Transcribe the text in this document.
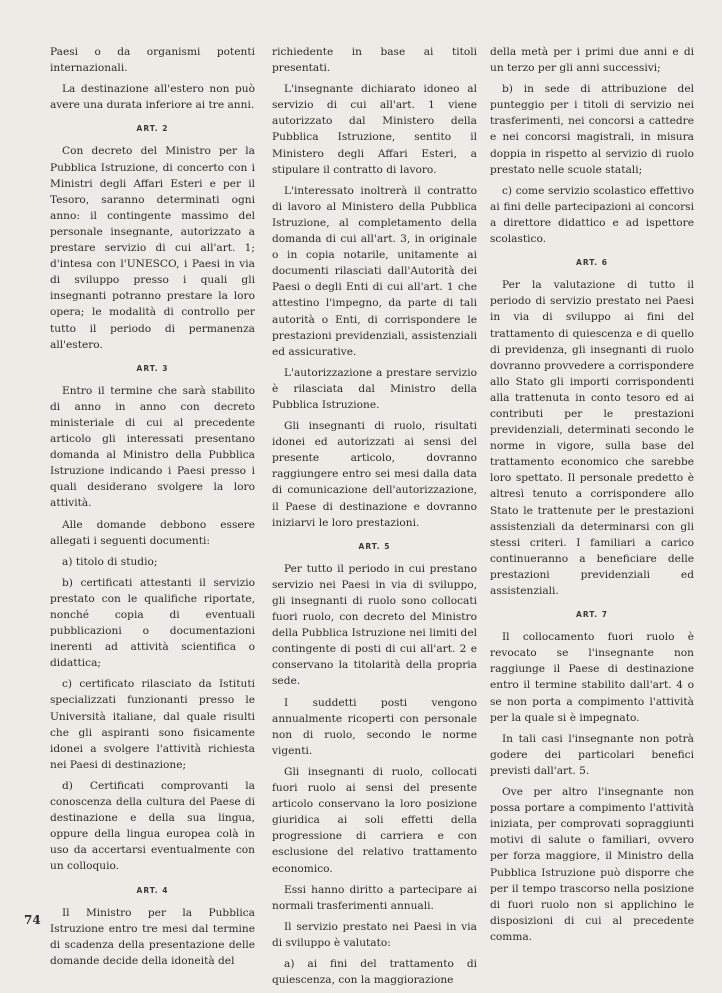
Paesi o da organismi potenti internazionali.

La destinazione all'estero non può avere una durata inferiore ai tre anni.

ART. 2

Con decreto del Ministro per la Pubblica Istruzione, di concerto con i Ministri degli Affari Esteri e per il Tesoro, saranno determinati ogni anno: il contingente massimo del personale insegnante, autorizzato a prestare servizio di cui all'art. 1; d'intesa con l'UNESCO, i Paesi in via di sviluppo presso i quali gli insegnanti potranno prestare la loro opera; le modalità di controllo per tutto il periodo di permanenza all'estero.

ART. 3

Entro il termine che sarà stabilito di anno in anno con decreto ministeriale di cui al precedente articolo gli interessati presentano domanda al Ministro della Pubblica Istruzione indicando i Paesi presso i quali desiderano svolgere la loro attività.

Alle domande debbono essere allegati i seguenti documenti:

a) titolo di studio;

b) certificati attestanti il servizio prestato con le qualifiche riportate, nonché copia di eventuali pubblicazioni o documentazioni inerenti ad attività scientifica o didattica;

c) certificato rilasciato da Istituti specializzati funzionanti presso le Università italiane, dal quale risulti che gli aspiranti sono fisicamente idonei a svolgere l'attività richiesta nei Paesi di destinazione;

d) Certificati comprovanti la conoscenza della cultura del Paese di destinazione e della sua lingua, oppure della lingua europea colà in uso da accertarsi eventualmente con un colloquio.

ART. 4

Il Ministro per la Pubblica Istruzione entro tre mesi dal termine di scadenza della presentazione delle domande decide della idoneità del

richiedente in base ai titoli presentati.

L'insegnante dichiarato idoneo al servizio di cui all'art. 1 viene autorizzato dal Ministero della Pubblica Istruzione, sentito il Ministero degli Affari Esteri, a stipulare il contratto di lavoro.

L'interessato inoltrerà il contratto di lavoro al Ministero della Pubblica Istruzione, al completamento della domanda di cui all'art. 3, in originale o in copia notarile, unitamente ai documenti rilasciati dall'Autorità dei Paesi o degli Enti di cui all'art. 1 che attestino l'impegno, da parte di tali autorità o Enti, di corrispondere le prestazioni previdenziali, assistenziali ed assicurative.

L'autorizzazione a prestare servizio è rilasciata dal Ministro della Pubblica Istruzione.

Gli insegnanti di ruolo, risultati idonei ed autorizzati ai sensi del presente articolo, dovranno raggiungere entro sei mesi dalla data di comunicazione dell'autorizzazione, il Paese di destinazione e dovranno iniziarvi le loro prestazioni.

ART. 5

Per tutto il periodo in cui prestano servizio nei Paesi in via di sviluppo, gli insegnanti di ruolo sono collocati fuori ruolo, con decreto del Ministro della Pubblica Istruzione nei limiti del contingente di posti di cui all'art. 2 e conservano la titolarità della propria sede.

I suddetti posti vengono annualmente ricoperti con personale non di ruolo, secondo le norme vigenti.

Gli insegnanti di ruolo, collocati fuori ruolo ai sensi del presente articolo conservano la loro posizione giuridica ai soli effetti della progressione di carriera e con esclusione del relativo trattamento economico.

Essi hanno diritto a partecipare ai normali trasferimenti annuali.

Il servizio prestato nei Paesi in via di sviluppo è valutato:

a) ai fini del trattamento di quiescenza, con la maggiorazione

della metà per i primi due anni e di un terzo per gli anni successivi;

b) in sede di attribuzione del punteggio per i titoli di servizio nei trasferimenti, nei concorsi a cattedre e nei concorsi magistrali, in misura doppia in rispetto al servizio di ruolo prestato nelle scuole statali;

c) come servizio scolastico effettivo ai fini delle partecipazioni ai concorsi a direttore didattico e ad ispettore scolastico.

ART. 6

Per la valutazione di tutto il periodo di servizio prestato nei Paesi in via di sviluppo ai fini del trattamento di quiescenza e di quello di previdenza, gli insegnanti di ruolo dovranno provvedere a corrispondere allo Stato gli importi corrispondenti alla trattenuta in conto tesoro ed ai contributi per le prestazioni previdenziali, determinati secondo le norme in vigore, sulla base del trattamento economico che sarebbe loro spettato. Il personale predetto è altresì tenuto a corrispondere allo Stato le trattenute per le prestazioni assistenziali da determinarsi con gli stessi criteri. I familiari a carico continueranno a beneficiare delle prestazioni previdenziali ed assistenziali.

ART. 7

Il collocamento fuori ruolo è revocato se l'insegnante non raggiunge il Paese di destinazione entro il termine stabilito dall'art. 4 o se non porta a compimento l'attività per la quale si è impegnato.

In tali casi l'insegnante non potrà godere dei particolari benefici previsti dall'art. 5.

Ove per altro l'insegnante non possa portare a compimento l'attività iniziata, per comprovati sopraggiunti motivi di salute o familiari, ovvero per forza maggiore, il Ministro della Pubblica Istruzione può disporre che per il tempo trascorso nella posizione di fuori ruolo non si applichino le disposizioni di cui al precedente comma.

74
